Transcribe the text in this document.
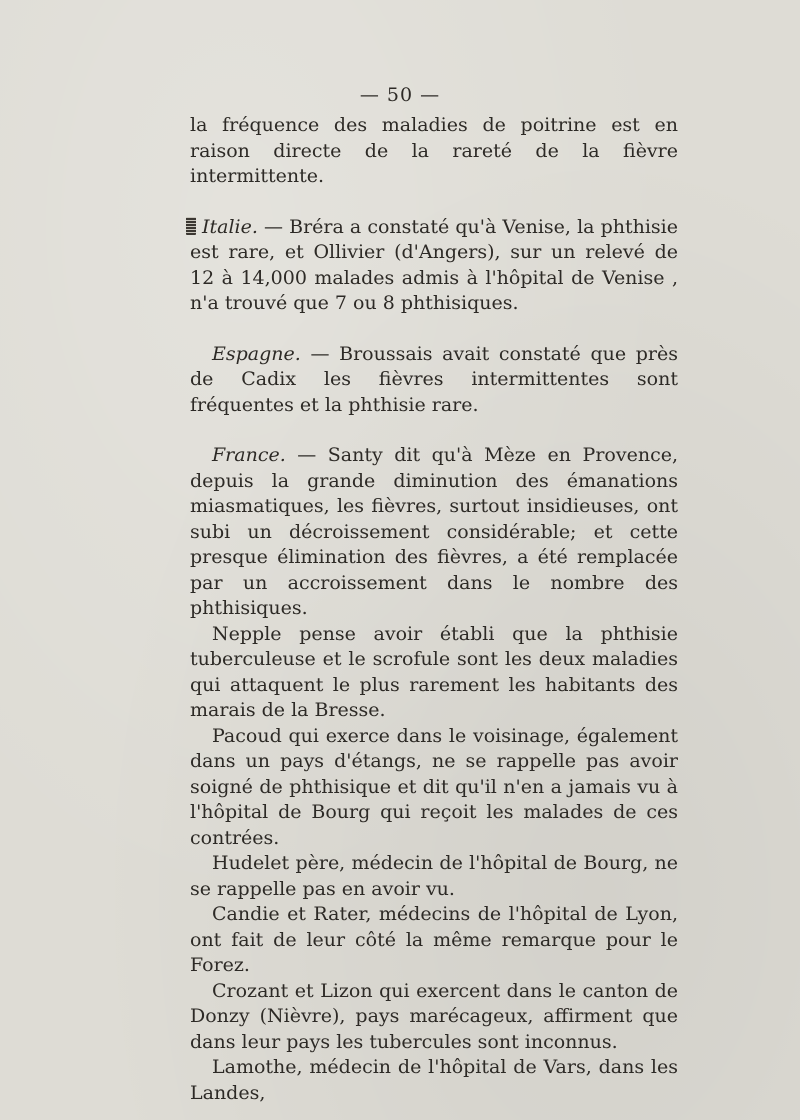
— 50 —

la fréquence des maladies de poitrine est en raison directe de la rareté de la fièvre intermittente.

Italie. — Bréra a constaté qu'à Venise, la phthisie est rare, et Ollivier (d'Angers), sur un relevé de 12 à 14,000 malades admis à l'hôpital de Venise , n'a trouvé que 7 ou 8 phthisiques.

Espagne. — Broussais avait constaté que près de Cadix les fièvres intermittentes sont fréquentes et la phthisie rare.

France. — Santy dit qu'à Mèze en Provence, depuis la grande diminution des émanations miasmatiques, les fièvres, surtout insidieuses, ont subi un décroissement considérable; et cette presque élimination des fièvres, a été remplacée par un accroissement dans le nombre des phthisiques.

Nepple pense avoir établi que la phthisie tuberculeuse et le scrofule sont les deux maladies qui attaquent le plus rarement les habitants des marais de la Bresse.

Pacoud qui exerce dans le voisinage, également dans un pays d'étangs, ne se rappelle pas avoir soigné de phthisique et dit qu'il n'en a jamais vu à l'hôpital de Bourg qui reçoit les malades de ces contrées.

Hudelet père, médecin de l'hôpital de Bourg, ne se rappelle pas en avoir vu.

Candie et Rater, médecins de l'hôpital de Lyon, ont fait de leur côté la même remarque pour le Forez.

Crozant et Lizon qui exercent dans le canton de Donzy (Nièvre), pays marécageux, affirment que dans leur pays les tubercules sont inconnus.

Lamothe, médecin de l'hôpital de Vars, dans les Landes,
